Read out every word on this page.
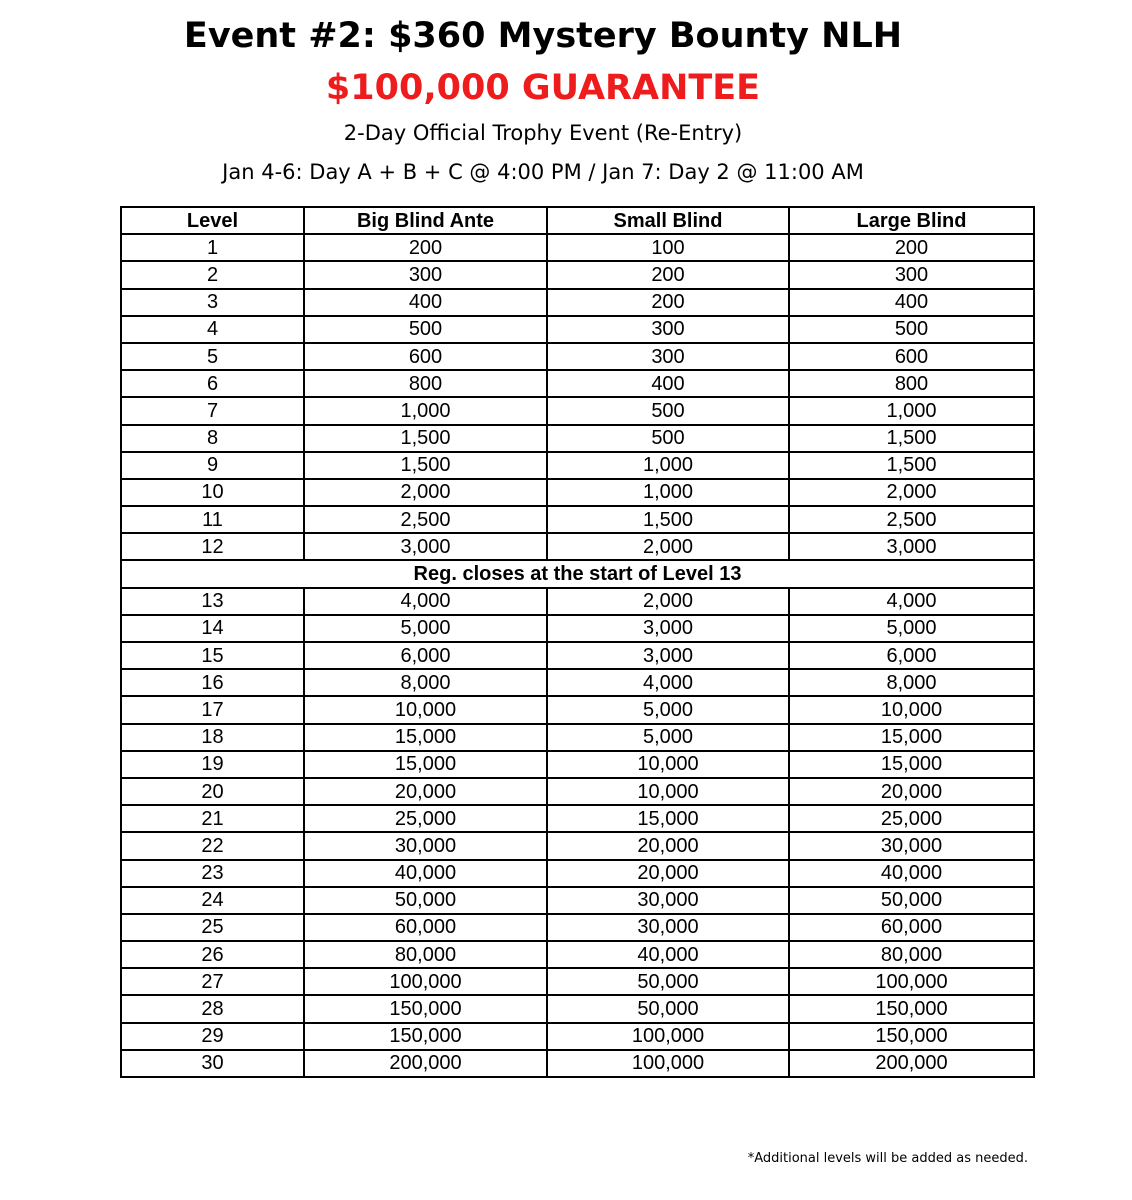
Event #2: $360 Mystery Bounty NLH
$100,000 GUARANTEE
2-Day Official Trophy Event (Re-Entry)
Jan 4-6: Day A + B + C @ 4:00 PM / Jan 7: Day 2 @ 11:00 AM
Level	Big Blind Ante	Small Blind	Large Blind
1	200	100	200
2	300	200	300
3	400	200	400
4	500	300	500
5	600	300	600
6	800	400	800
7	1,000	500	1,000
8	1,500	500	1,500
9	1,500	1,000	1,500
10	2,000	1,000	2,000
11	2,500	1,500	2,500
12	3,000	2,000	3,000
Reg. closes at the start of Level 13			
13	4,000	2,000	4,000
14	5,000	3,000	5,000
15	6,000	3,000	6,000
16	8,000	4,000	8,000
17	10,000	5,000	10,000
18	15,000	5,000	15,000
19	15,000	10,000	15,000
20	20,000	10,000	20,000
21	25,000	15,000	25,000
22	30,000	20,000	30,000
23	40,000	20,000	40,000
24	50,000	30,000	50,000
25	60,000	30,000	60,000
26	80,000	40,000	80,000
27	100,000	50,000	100,000
28	150,000	50,000	150,000
29	150,000	100,000	150,000
30	200,000	100,000	200,000
*Additional levels will be added as needed.
